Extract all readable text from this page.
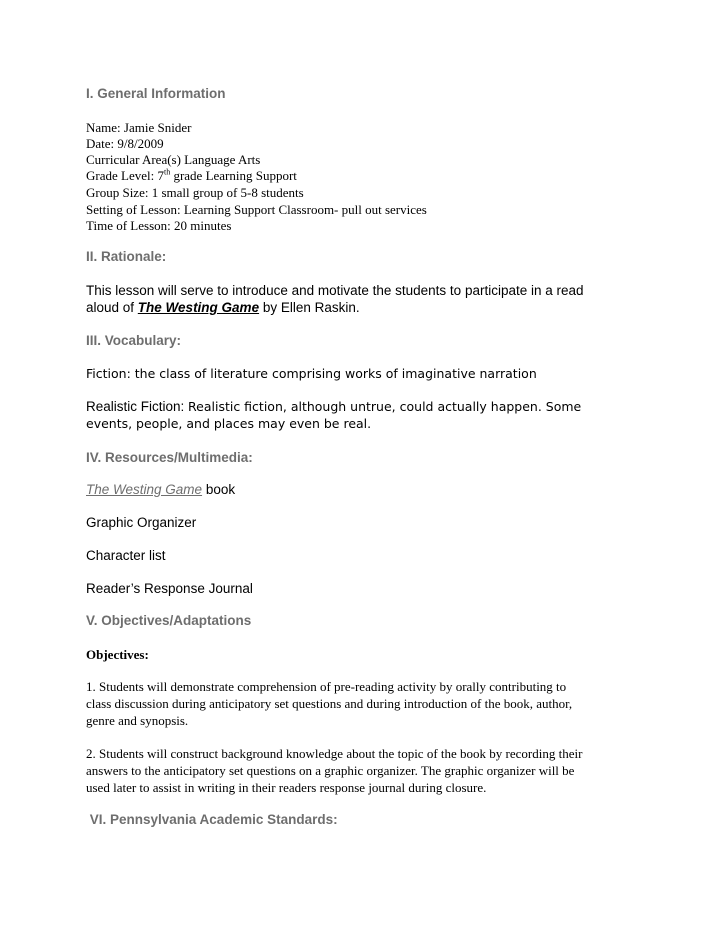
I. General Information
Name: Jamie Snider
Date: 9/8/2009
Curricular Area(s) Language Arts
Grade Level: 7th grade Learning Support
Group Size: 1 small group of 5-8 students
Setting of Lesson: Learning Support Classroom- pull out services
Time of Lesson: 20 minutes
II. Rationale:
This lesson will serve to introduce and motivate the students to participate in a read
aloud of The Westing Game by Ellen Raskin.
III. Vocabulary:
Fiction: the class of literature comprising works of imaginative narration
Realistic Fiction: Realistic fiction, although untrue, could actually happen. Some
events, people, and places may even be real.
IV. Resources/Multimedia:
The Westing Game book
Graphic Organizer
Character list
Reader’s Response Journal
V. Objectives/Adaptations
Objectives:
1. Students will demonstrate comprehension of pre-reading activity by orally contributing to
class discussion during anticipatory set questions and during introduction of the book, author,
genre and synopsis.
2. Students will construct background knowledge about the topic of the book by recording their
answers to the anticipatory set questions on a graphic organizer. The graphic organizer will be
used later to assist in writing in their readers response journal during closure.
VI. Pennsylvania Academic Standards:
